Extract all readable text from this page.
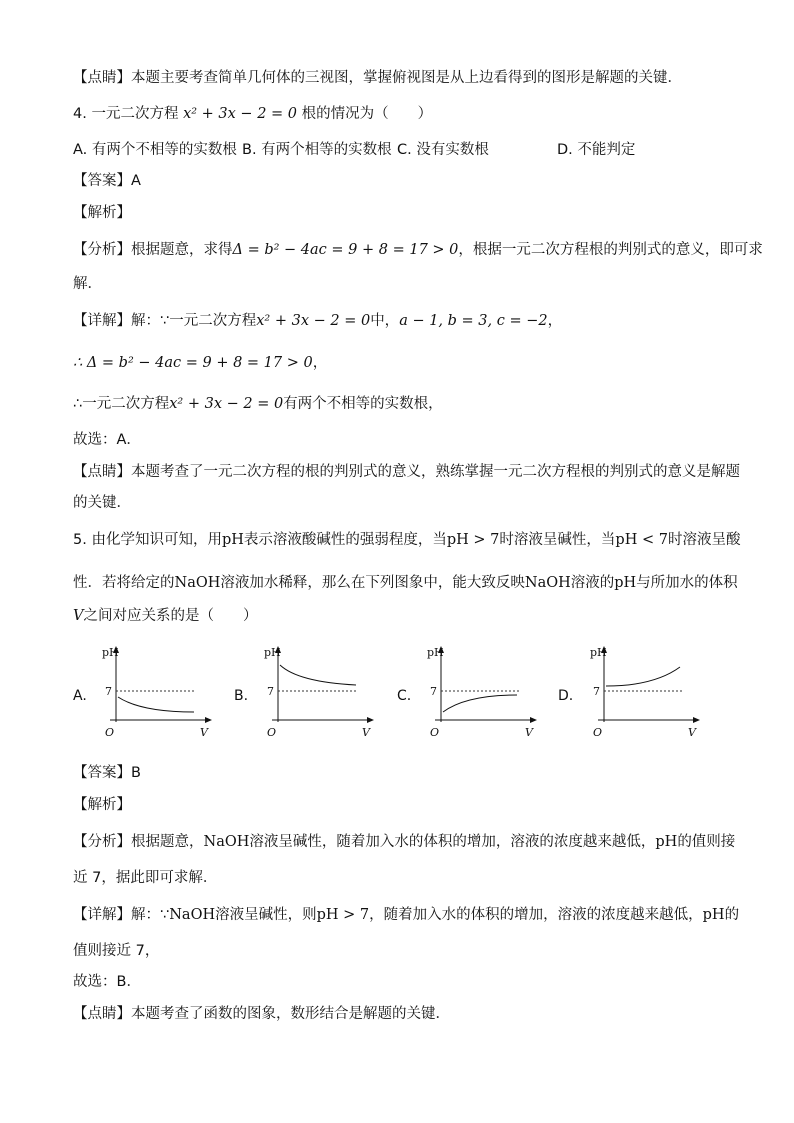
【点睛】本题主要考查简单几何体的三视图，掌握俯视图是从上边看得到的图形是解题的关键．
4. 一元二次方程 x² + 3x − 2 = 0 根的情况为（　　）
A. 有两个不相等的实数根 B. 有两个相等的实数根 C. 没有实数根	D. 不能判定
【答案】A
【解析】
【分析】根据题意，求得Δ = b² − 4ac = 9 + 8 = 17 > 0，根据一元二次方程根的判别式的意义，即可求
解．
【详解】解：∵一元二次方程x² + 3x − 2 = 0中，a − 1, b = 3, c = −2，
∴ Δ = b² − 4ac = 9 + 8 = 17 > 0，
∴一元二次方程x² + 3x − 2 = 0有两个不相等的实数根，
故选：A．
【点睛】本题考查了一元二次方程的根的判别式的意义，熟练掌握一元二次方程根的判别式的意义是解题
的关键．
5. 由化学知识可知，用pH表示溶液酸碱性的强弱程度，当pH > 7时溶液呈碱性，当pH < 7时溶液呈酸
性．若将给定的NaOH溶液加水稀释，那么在下列图象中，能大致反映NaOH溶液的pH与所加水的体积
V之间对应关系的是（　　）
A.	B.	C.	D.
pH
7
O	V
pH
7
O	V
pH
7
O	V
pH
7
O	V
【答案】B
【解析】
【分析】根据题意，NaOH溶液呈碱性，随着加入水的体积的增加，溶液的浓度越来越低，pH的值则接
近 7，据此即可求解．
【详解】解：∵NaOH溶液呈碱性，则pH > 7，随着加入水的体积的增加，溶液的浓度越来越低，pH的
值则接近 7，
故选：B．
【点睛】本题考查了函数的图象，数形结合是解题的关键．
